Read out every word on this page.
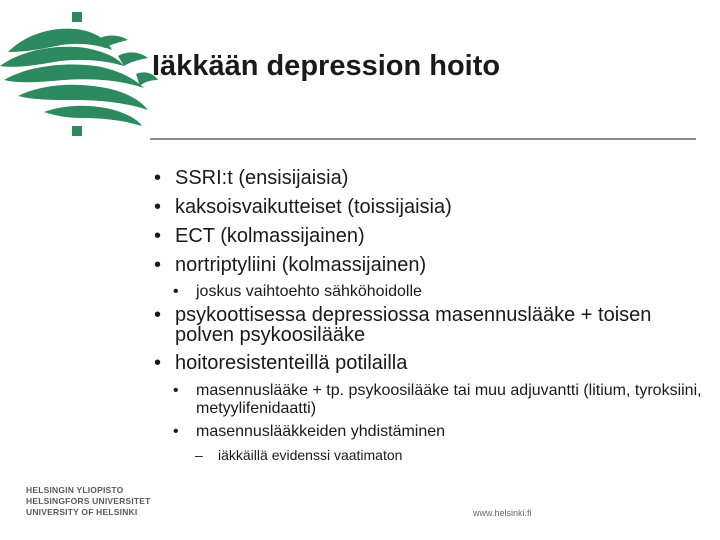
Iäkkään depression hoito

• SSRI:t (ensisijaisia)

• kaksoisvaikutteiset (toissijaisia)

• ECT (kolmassijainen)

• nortriptyliini (kolmassijainen)

• joskus vaihtoehto sähköhoidolle

• psykoottisessa depressiossa masennuslääke + toisen polven psykoosilääke

• hoitoresistenteillä potilailla

• masennuslääke + tp. psykoosilääke tai muu adjuvantti (litium, tyroksiini, metyylifenidaatti)

• masennuslääkkeiden yhdistäminen

– iäkkäillä evidenssi vaatimaton

HELSINGIN YLIOPISTO
HELSINGFORS UNIVERSITET
UNIVERSITY OF HELSINKI	www.helsinki.fi
